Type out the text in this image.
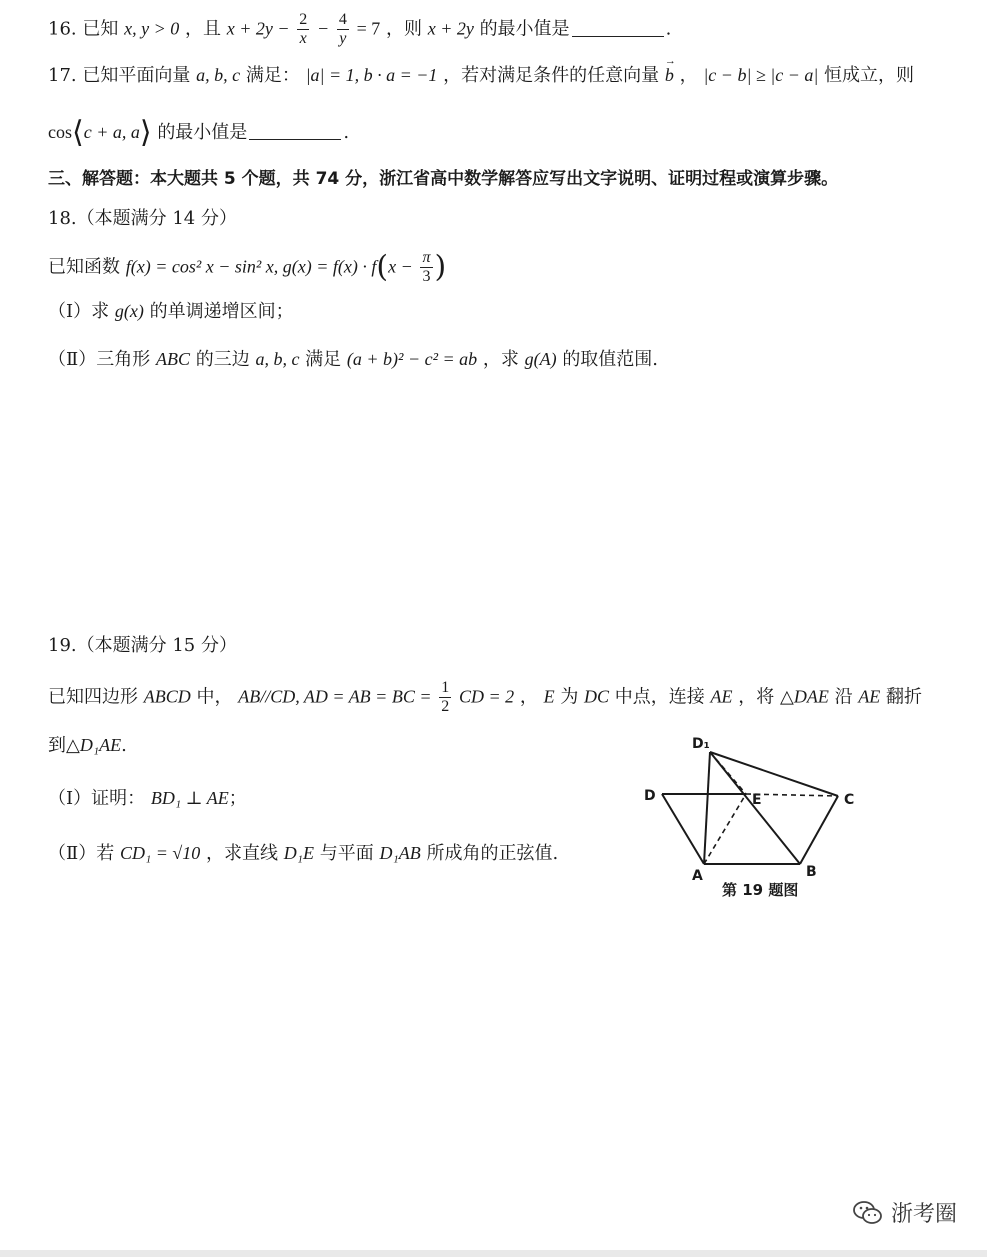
16. 已知 x, y > 0 ，且 $x + 2y - \frac{2}{x} - \frac{4}{y} = 7$ ，则 x + 2y 的最小值是	.
17. 已知平面向量 a, b, c 满足： |a| = 1, b · a = −1 ，若对满足条件的任意向量 → b ， |c − b| ≥ |c − a| 恒成立，则
cos⟨c + a, a⟩ 的最小值是	.
三、解答题：本大题共 5 个题，共 74 分，浙江省高中数学解答应写出文字说明、证明过程或演算步骤。
18.（本题满分 14 分）
已知函数 f(x) = cos² x − sin² x, $g(x) = f(x) \cdot f(x - \frac{\pi}{3}$ )
（Ⅰ）求 g(x) 的单调递增区间；
（Ⅱ）三角形 ABC 的三边 a, b, c 满足 (a + b)² − c² = ab ，求 g(A) 的取值范围.
19.（本题满分 15 分）
已知四边形 ABCD 中， AB//CD, AD = AB = BC = $\frac{1}{2}$ CD = 2 ， E 为 DC 中点，连接 AE ，将 △DAE 沿 AE 翻折
到△D₁AE.
（Ⅰ）证明： BD₁ ⊥ AE；
（Ⅱ）若 CD₁ = √10 ，求直线 D₁E 与平面 D₁AB 所成角的正弦值.
D₁
D	E	C
A	B
第 19 题图
浙考圈
